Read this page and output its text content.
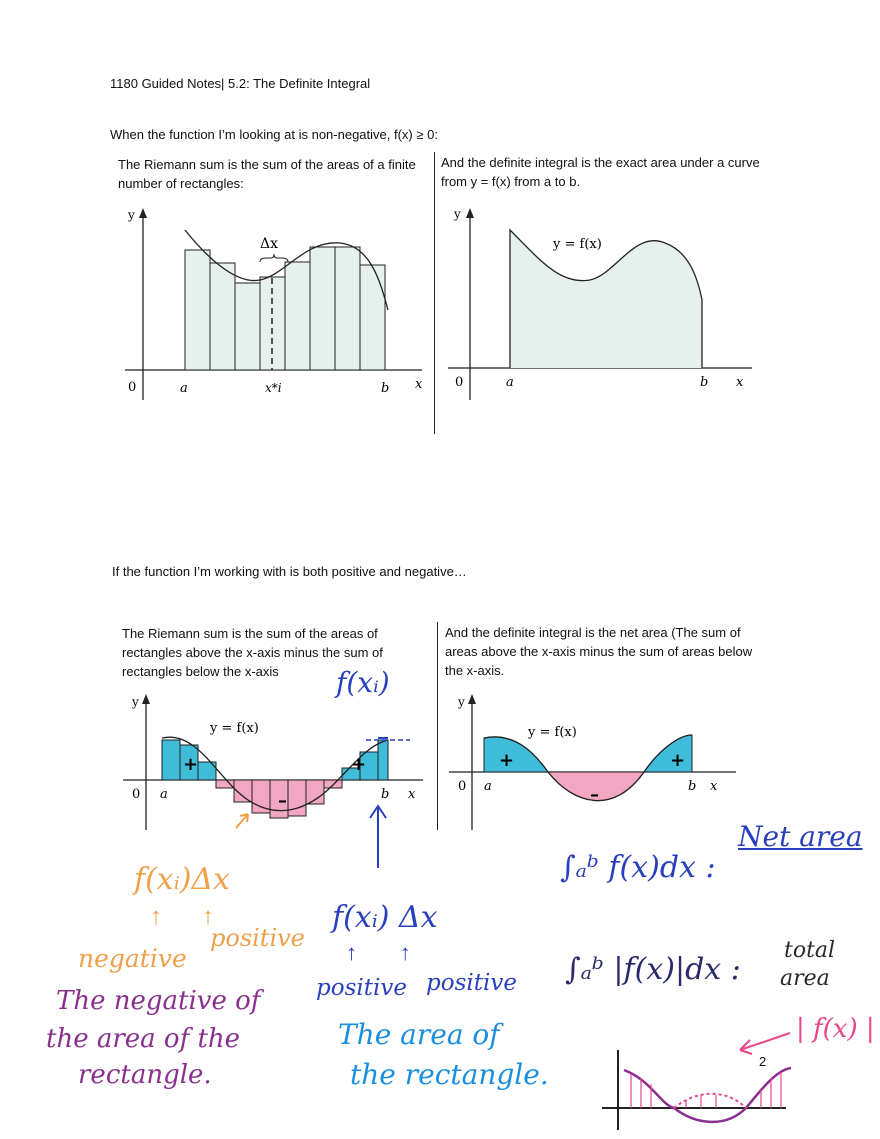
1180 Guided Notes| 5.2: The Definite Integral
When the function I’m looking at is non-negative, f(x) ≥ 0:
The Riemann sum is the sum of the areas of a finite number of rectangles:
And the definite integral is the exact area under a curve from y = f(x) from a to b.
Δx
y
0	a	x*i	b x
y = f(x)
y
0	a	b x
If the function I’m working with is both positive and negative…
The Riemann sum is the sum of the areas of rectangles above the x-axis minus the sum of rectangles below the x-axis
And the definite integral is the net area (The sum of areas above the x-axis minus the sum of areas below the x-axis.
y = f(x)
y
0 a	b x
+
–
+
y = f(x)
y
0 a	b x
+
–
+
f(xᵢ)
f(xᵢ)Δx
↑      ↑
negative
positive
The negative of
the area of the
rectangle.
f(xᵢ) Δx
↑       ↑
positive positive
The area of
the rectangle.
∫ₐᵇ f(x)dx :
Net area
∫ₐᵇ |f(x)|dx :
total
area
| f(x) |
2
